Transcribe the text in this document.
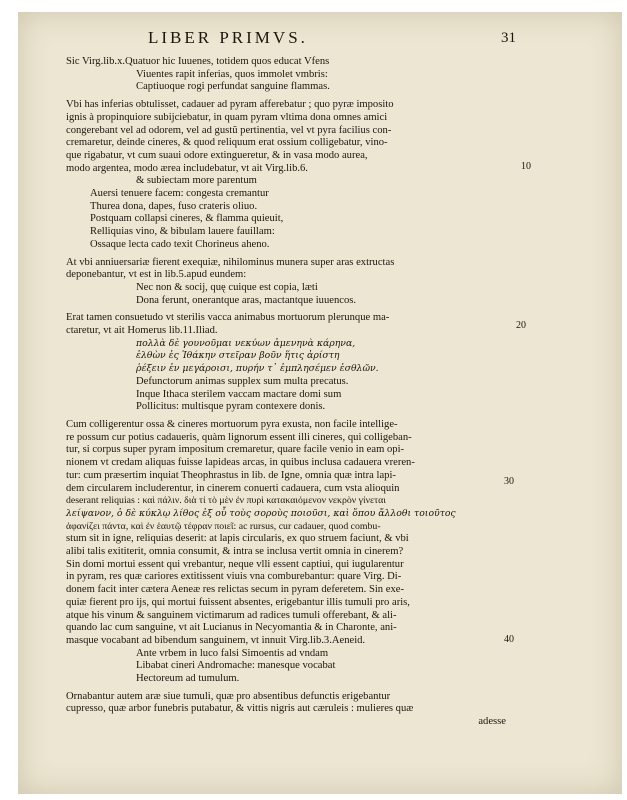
LIBER PRIMVS.	31
Sic Virg.lib.x.Quatuor hic Iuuenes, totidem quos educat Vfens
Viuentes rapit inferias, quos immolet vmbris:
Captiuoque rogi perfundat sanguine flammas.
Vbi has inferias obtulisset, cadauer ad pyram afferebatur ; quo pyræ imposito
ignis à propinquiore subijciebatur, in quam pyram vltima dona omnes amici
congerebant vel ad odorem, vel ad gustũ pertinentia, vel vt pyra facilius con-
cremaretur, deinde cineres, & quod reliquum erat ossium colligebatur, vino-
que rigabatur, vt cum suaui odore extingueretur, & in vasa modo aurea,
modo argentea, modo ærea includebatur, vt ait Virg.lib.6.
& subiectam more parentum
Auersi tenuere facem: congesta cremantur
Thurea dona, dapes, fuso crateris oliuo.
Postquam collapsi cineres, & flamma quieuit,
Relliquias vino, & bibulam lauere fauillam:
Ossaque lecta cado texit Chorineus aheno.
At vbi anniuersariæ fierent exequiæ, nihilominus munera super aras extructas
deponebantur, vt est in lib.5.apud eundem:
Nec non & socij, quę cuique est copia, læti
Dona ferunt, onerantque aras, mactantque iuuencos.
Erat tamen consuetudo vt sterilis vacca animabus mortuorum plerunque ma-
ctaretur, vt ait Homerus lib.11.Iliad.
πολλὰ δὲ γουνοῦμαι νεκύων ἀμενηνὰ κάρηνα,
ἐλθὼν ἐς Ἰθάκην στεῖραν βοῦν ἥτις ἀρίστη
ῥέξειν ἐν μεγάροισι, πυρήν τ᾽ ἐμπλησέμεν ἐσθλῶν.
Defunctorum animas supplex sum multa precatus.
Inque Ithaca sterilem vaccam mactare domi sum
Pollicitus: multisque pyram contexere donis.
Cum colligerentur ossa & cineres mortuorum pyra exusta, non facile intellige-
re possum cur potius cadaueris, quàm lignorum essent illi cineres, qui colligeban-
tur, si corpus super pyram impositum cremaretur, quare facile venio in eam opi-
nionem vt credam aliquas fuisse lapideas arcas, in quibus inclusa cadauera vreren-
tur: cum præsertim inquiat Theophrastus in lib. de Igne, omnia quæ intra lapi-
dem circularem includerentur, in cinerem conuerti cadauera, cum vsta alioquin
deserant reliquias : καὶ πάλιν. διὰ τί τὸ μὲν ἐν πυρὶ κατακαιόμενον νεκρὸν γίνεται
λείψανον, ὁ δὲ κύκλῳ λίθος ἐξ οὗ τοὺς σοροὺς ποιοῦσι, καὶ ὅπου ἄλλοθι τοιοῦτος
ἀφανίζει πάντα, καὶ ἐν ἑαυτῷ τέφραν ποιεῖ: ac rursus, cur cadauer, quod combu-
stum sit in igne, reliquias deserit: at lapis circularis, ex quo struem faciunt, & vbi
alibi talis exititerit, omnia consumit, & intra se inclusa vertit omnia in cinerem?
Sin domi mortui essent qui vrebantur, neque vlli essent captiui, qui iugularentur
in pyram, res quæ cariores extitissent viuis vna comburebantur: quare Virg. Di-
donem facit inter cætera Aeneæ res relictas secum in pyram deferetem. Sin exe-
quiæ fierent pro ijs, qui mortui fuissent absentes, erigebantur illis tumuli pro aris,
atque his vinum & sanguinem victimarum ad radices tumuli offerebant, & ali-
quando lac cum sanguine, vt ait Lucianus in Necyomantia & in Charonte, ani-
masque vocabant ad bibendum sanguinem, vt innuit Virg.lib.3.Aeneid.
Ante vrbem in luco falsi Simoentis ad vndam
Libabat cineri Andromache: manesque vocabat
Hectoreum ad tumulum.
Ornabantur autem aræ siue tumuli, quæ pro absentibus defunctis erigebantur
cupresso, quæ arbor funebris putabatur, & vittis nigris aut cæruleis : mulieres quæ
adesse
10
20
30
40
